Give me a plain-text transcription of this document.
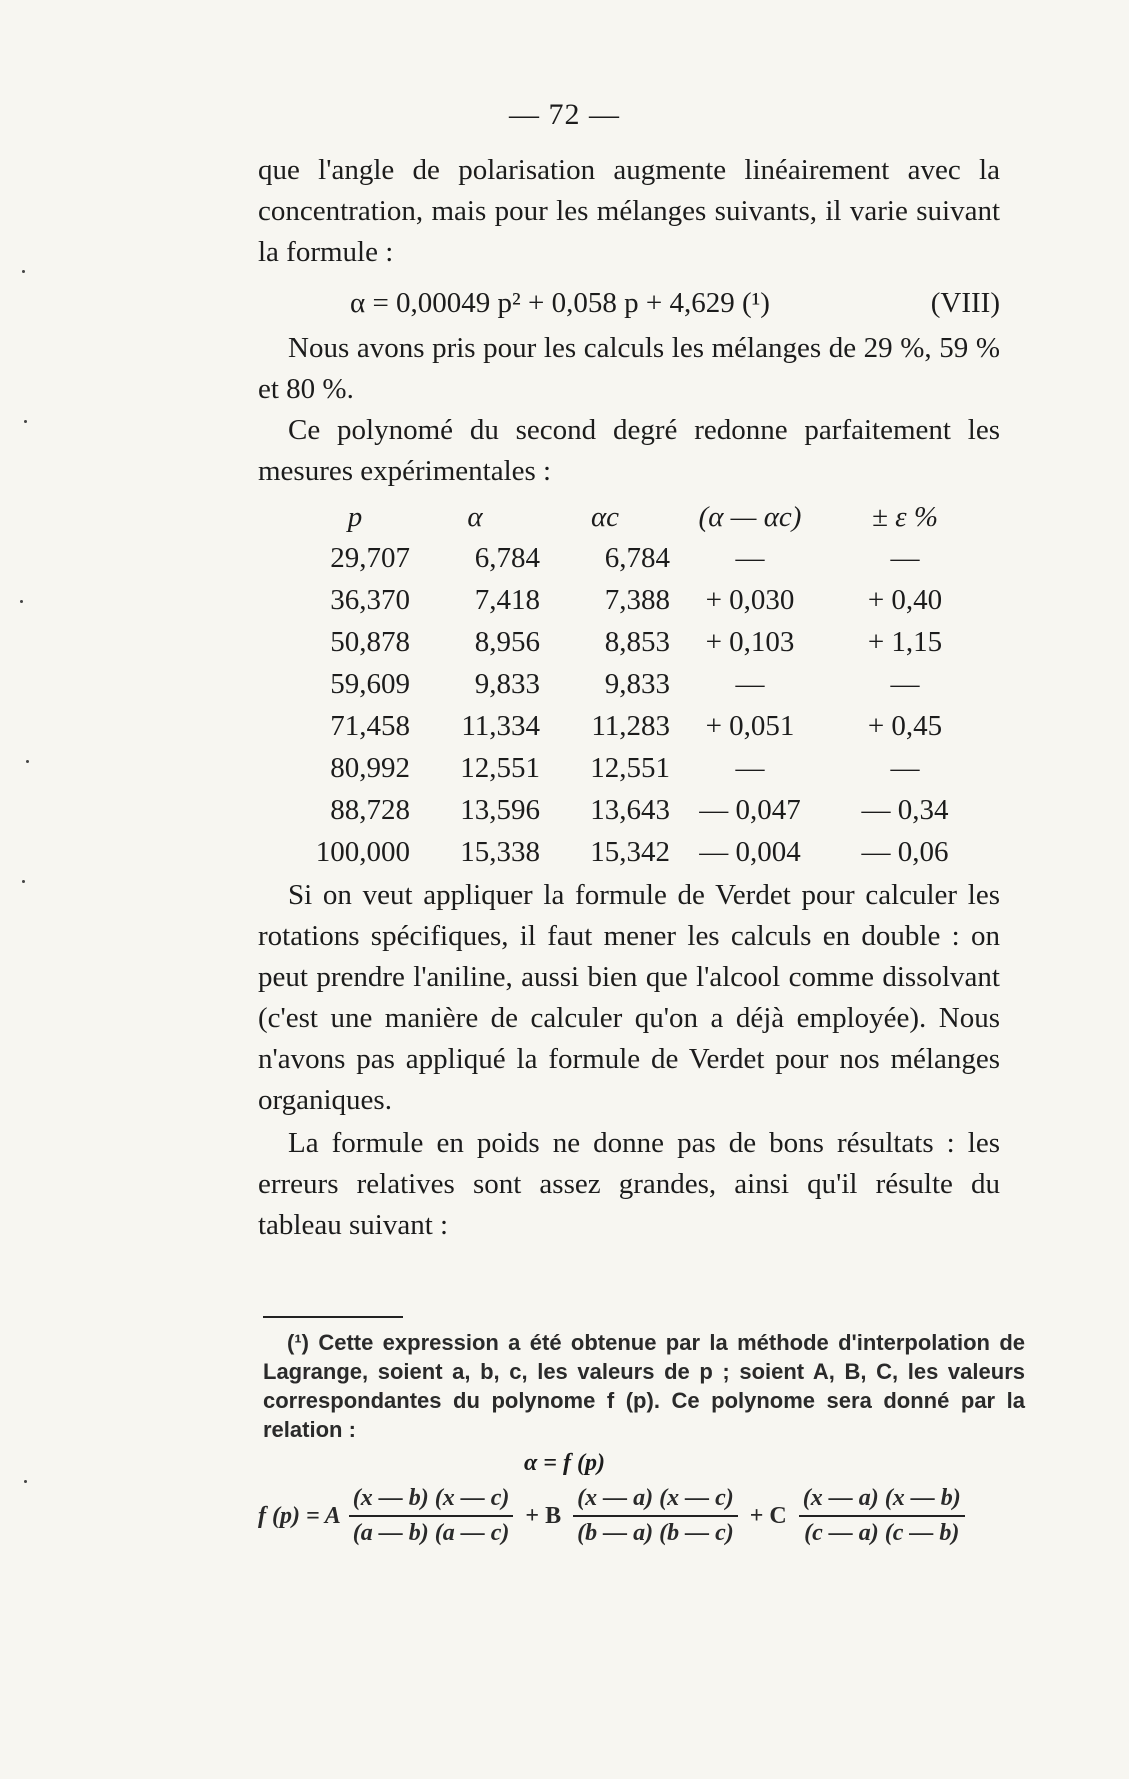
— 72 —

que l'angle de polarisation augmente linéairement avec la concentration, mais pour les mélanges suivants, il varie suivant la formule :

α = 0,00049 p² + 0,058 p + 4,629 (¹)	(VIII)

Nous avons pris pour les calculs les mélanges de 29 %, 59 % et 80 %.

Ce polynomé du second degré redonne parfaitement les mesures expérimentales :

p	α	αc	(α — αc)	± ε %
29,707	6,784	6,784	—	—
36,370	7,418	7,388	+ 0,030	+ 0,40
50,878	8,956	8,853	+ 0,103	+ 1,15
59,609	9,833	9,833	—	—
71,458	11,334	11,283	+ 0,051	+ 0,45
80,992	12,551	12,551	—	—
88,728	13,596	13,643	— 0,047	— 0,34
100,000	15,338	15,342	— 0,004	— 0,06

Si on veut appliquer la formule de Verdet pour calculer les rotations spécifiques, il faut mener les calculs en double : on peut prendre l'aniline, aussi bien que l'alcool comme dissolvant (c'est une manière de calculer qu'on a déjà employée). Nous n'avons pas appliqué la formule de Verdet pour nos mélanges organiques.

La formule en poids ne donne pas de bons résultats : les erreurs relatives sont assez grandes, ainsi qu'il résulte du tableau suivant :

(¹) Cette expression a été obtenue par la méthode d'interpolation de Lagrange, soient a, b, c, les valeurs de p ; soient A, B, C, les valeurs correspondantes du polynome f (p). Ce polynome sera donné par la relation :

α = f (p)
f (p) = A $\frac{(x — b) (x — c)}{(a — b) (a — c)} + B \frac{(x — a) (x — c)}{(b — a) (b — c)} + C \frac{(x — a) (x — b)}{(c — a) (c — b)}$
